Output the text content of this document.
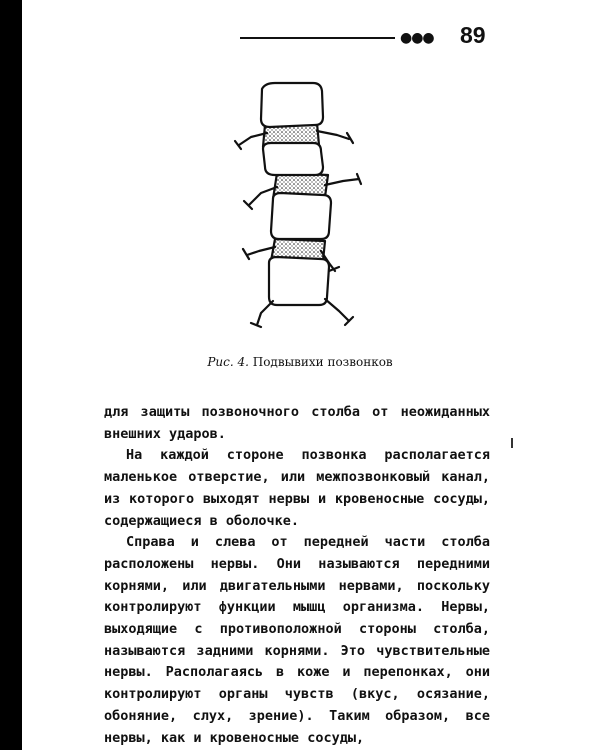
●●● 89
Рис. 4. Подвывихи позвонков

для защиты позвоночного столба от неожиданных внешних ударов.

На каждой стороне позвонка располагается маленькое отверстие, или межпозвонковый канал, из которого выходят нервы и кровеносные сосуды, содержащиеся в оболочке.

Справа и слева от передней части столба расположены нервы. Они называются передними корнями, или двигательными нервами, поскольку контролируют функции мышц организма. Нервы, выходящие с противоположной стороны столба, называются задними корнями. Это чувствительные нервы. Располагаясь в коже и перепонках, они контролируют органы чувств (вкус, осязание, обоняние, слух, зрение). Таким образом, все нервы, как и кровеносные сосуды,
